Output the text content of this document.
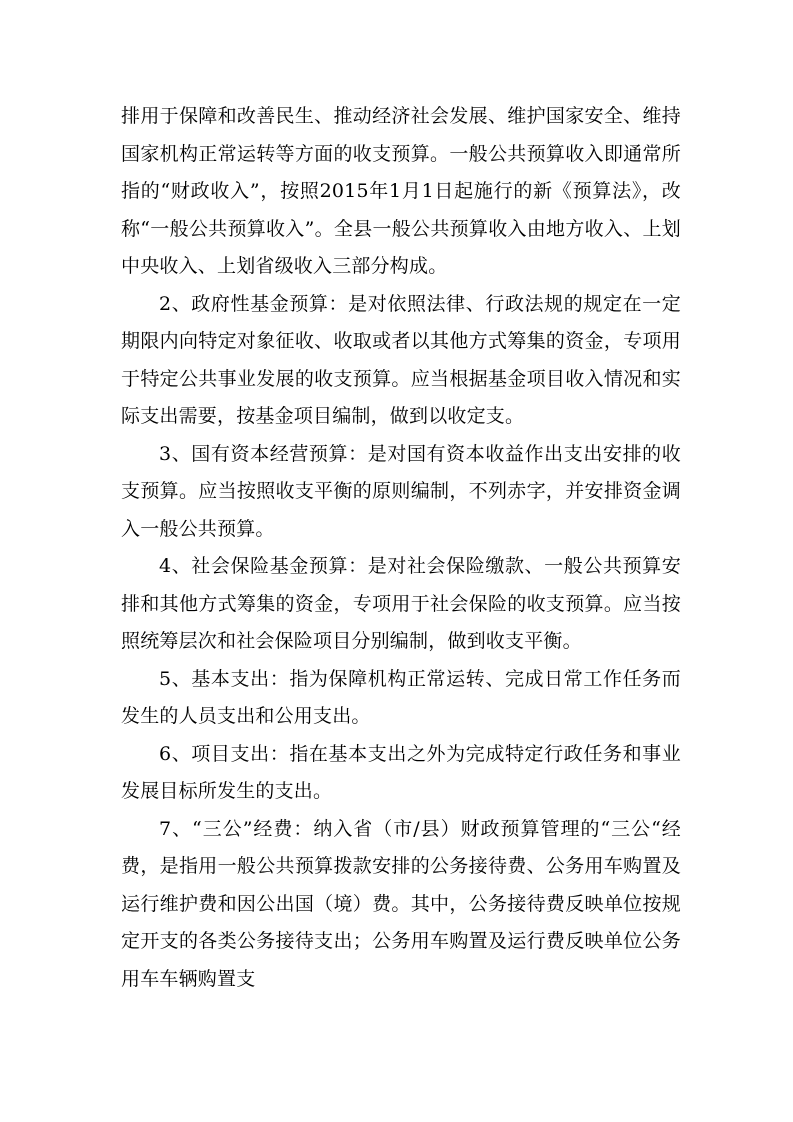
排用于保障和改善民生、推动经济社会发展、维护国家安全、维持国家机构正常运转等方面的收支预算。一般公共预算收入即通常所指的“财政收入”，按照2015年1月1日起施行的新《预算法》，改称“一般公共预算收入”。全县一般公共预算收入由地方收入、上划中央收入、上划省级收入三部分构成。

2、政府性基金预算：是对依照法律、行政法规的规定在一定期限内向特定对象征收、收取或者以其他方式筹集的资金，专项用于特定公共事业发展的收支预算。应当根据基金项目收入情况和实际支出需要，按基金项目编制，做到以收定支。

3、国有资本经营预算：是对国有资本收益作出支出安排的收支预算。应当按照收支平衡的原则编制，不列赤字，并安排资金调入一般公共预算。

4、社会保险基金预算：是对社会保险缴款、一般公共预算安排和其他方式筹集的资金，专项用于社会保险的收支预算。应当按照统筹层次和社会保险项目分别编制，做到收支平衡。

5、基本支出：指为保障机构正常运转、完成日常工作任务而发生的人员支出和公用支出。

6、项目支出：指在基本支出之外为完成特定行政任务和事业发展目标所发生的支出。

7、“三公”经费：纳入省（市/县）财政预算管理的“三公“经费，是指用一般公共预算拨款安排的公务接待费、公务用车购置及运行维护费和因公出国（境）费。其中，公务接待费反映单位按规定开支的各类公务接待支出；公务用车购置及运行费反映单位公务用车车辆购置支
